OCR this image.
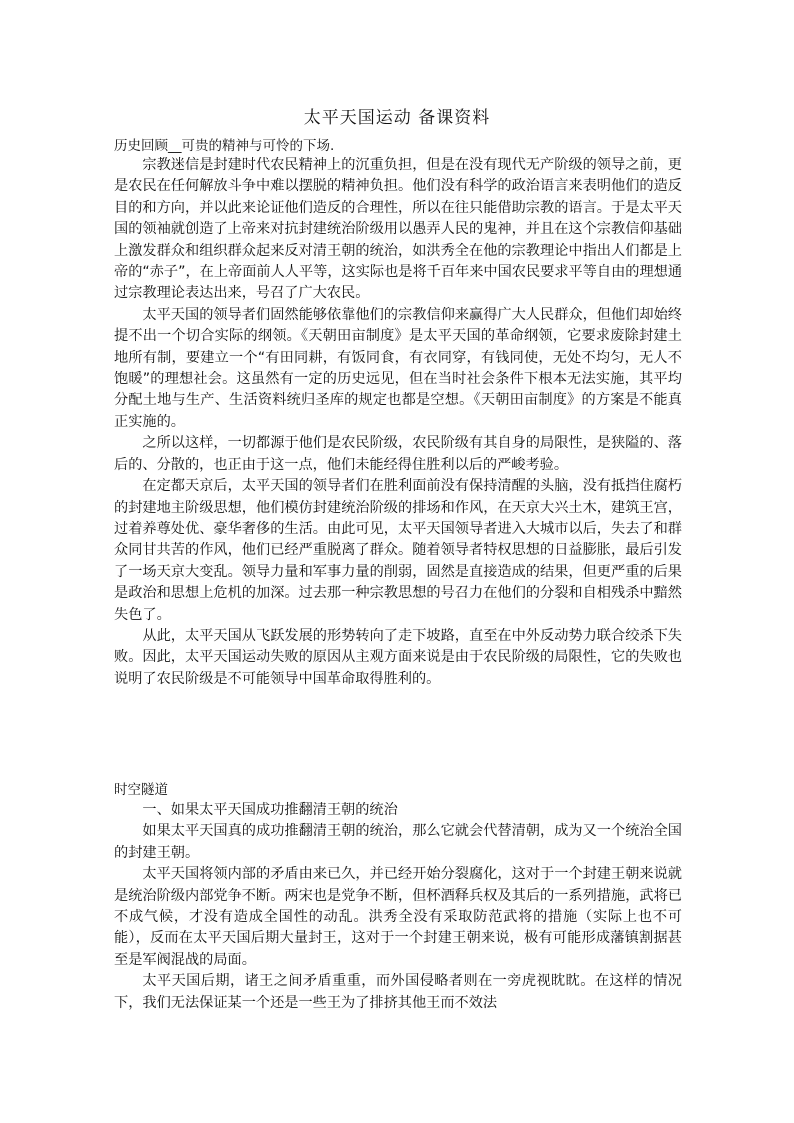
太平天国运动 备课资料
历史回顾__可贵的精神与可怜的下场.

宗教迷信是封建时代农民精神上的沉重负担，但是在没有现代无产阶级的领导之前，更是农民在任何解放斗争中难以摆脱的精神负担。他们没有科学的政治语言来表明他们的造反目的和方向，并以此来论证他们造反的合理性，所以在往只能借助宗教的语言。于是太平天国的领袖就创造了上帝来对抗封建统治阶级用以愚弄人民的鬼神，并且在这个宗教信仰基础上激发群众和组织群众起来反对清王朝的统治，如洪秀全在他的宗教理论中指出人们都是上帝的“赤子”，在上帝面前人人平等，这实际也是将千百年来中国农民要求平等自由的理想通过宗教理论表达出来，号召了广大农民。

太平天国的领导者们固然能够依靠他们的宗教信仰来赢得广大人民群众，但他们却始终提不出一个切合实际的纲领。《天朝田亩制度》是太平天国的革命纲领，它要求废除封建土地所有制，要建立一个“有田同耕，有饭同食，有衣同穿，有钱同使，无处不均匀，无人不饱暖”的理想社会。这虽然有一定的历史远见，但在当时社会条件下根本无法实施，其平均分配土地与生产、生活资料统归圣库的规定也都是空想。《天朝田亩制度》的方案是不能真正实施的。

之所以这样，一切都源于他们是农民阶级，农民阶级有其自身的局限性，是狭隘的、落后的、分散的，也正由于这一点，他们未能经得住胜利以后的严峻考验。

在定都天京后，太平天国的领导者们在胜利面前没有保持清醒的头脑，没有抵挡住腐朽的封建地主阶级思想，他们模仿封建统治阶级的排场和作风，在天京大兴土木，建筑王宫，过着养尊处优、豪华奢侈的生活。由此可见，太平天国领导者进入大城市以后，失去了和群众同甘共苦的作风，他们已经严重脱离了群众。随着领导者特权思想的日益膨胀，最后引发了一场天京大变乱。领导力量和军事力量的削弱，固然是直接造成的结果，但更严重的后果是政治和思想上危机的加深。过去那一种宗教思想的号召力在他们的分裂和自相残杀中黯然失色了。

从此，太平天国从飞跃发展的形势转向了走下坡路，直至在中外反动势力联合绞杀下失败。因此，太平天国运动失败的原因从主观方面来说是由于农民阶级的局限性，它的失败也说明了农民阶级是不可能领导中国革命取得胜利的。

时空隧道

一、如果太平天国成功推翻清王朝的统治

如果太平天国真的成功推翻清王朝的统治，那么它就会代替清朝，成为又一个统治全国的封建王朝。

太平天国将领内部的矛盾由来已久，并已经开始分裂腐化，这对于一个封建王朝来说就是统治阶级内部党争不断。两宋也是党争不断，但杯酒释兵权及其后的一系列措施，武将已不成气候，才没有造成全国性的动乱。洪秀全没有采取防范武将的措施（实际上也不可能），反而在太平天国后期大量封王，这对于一个封建王朝来说，极有可能形成藩镇割据甚至是军阀混战的局面。

太平天国后期，诸王之间矛盾重重，而外国侵略者则在一旁虎视眈眈。在这样的情况下，我们无法保证某一个还是一些王为了排挤其他王而不效法
